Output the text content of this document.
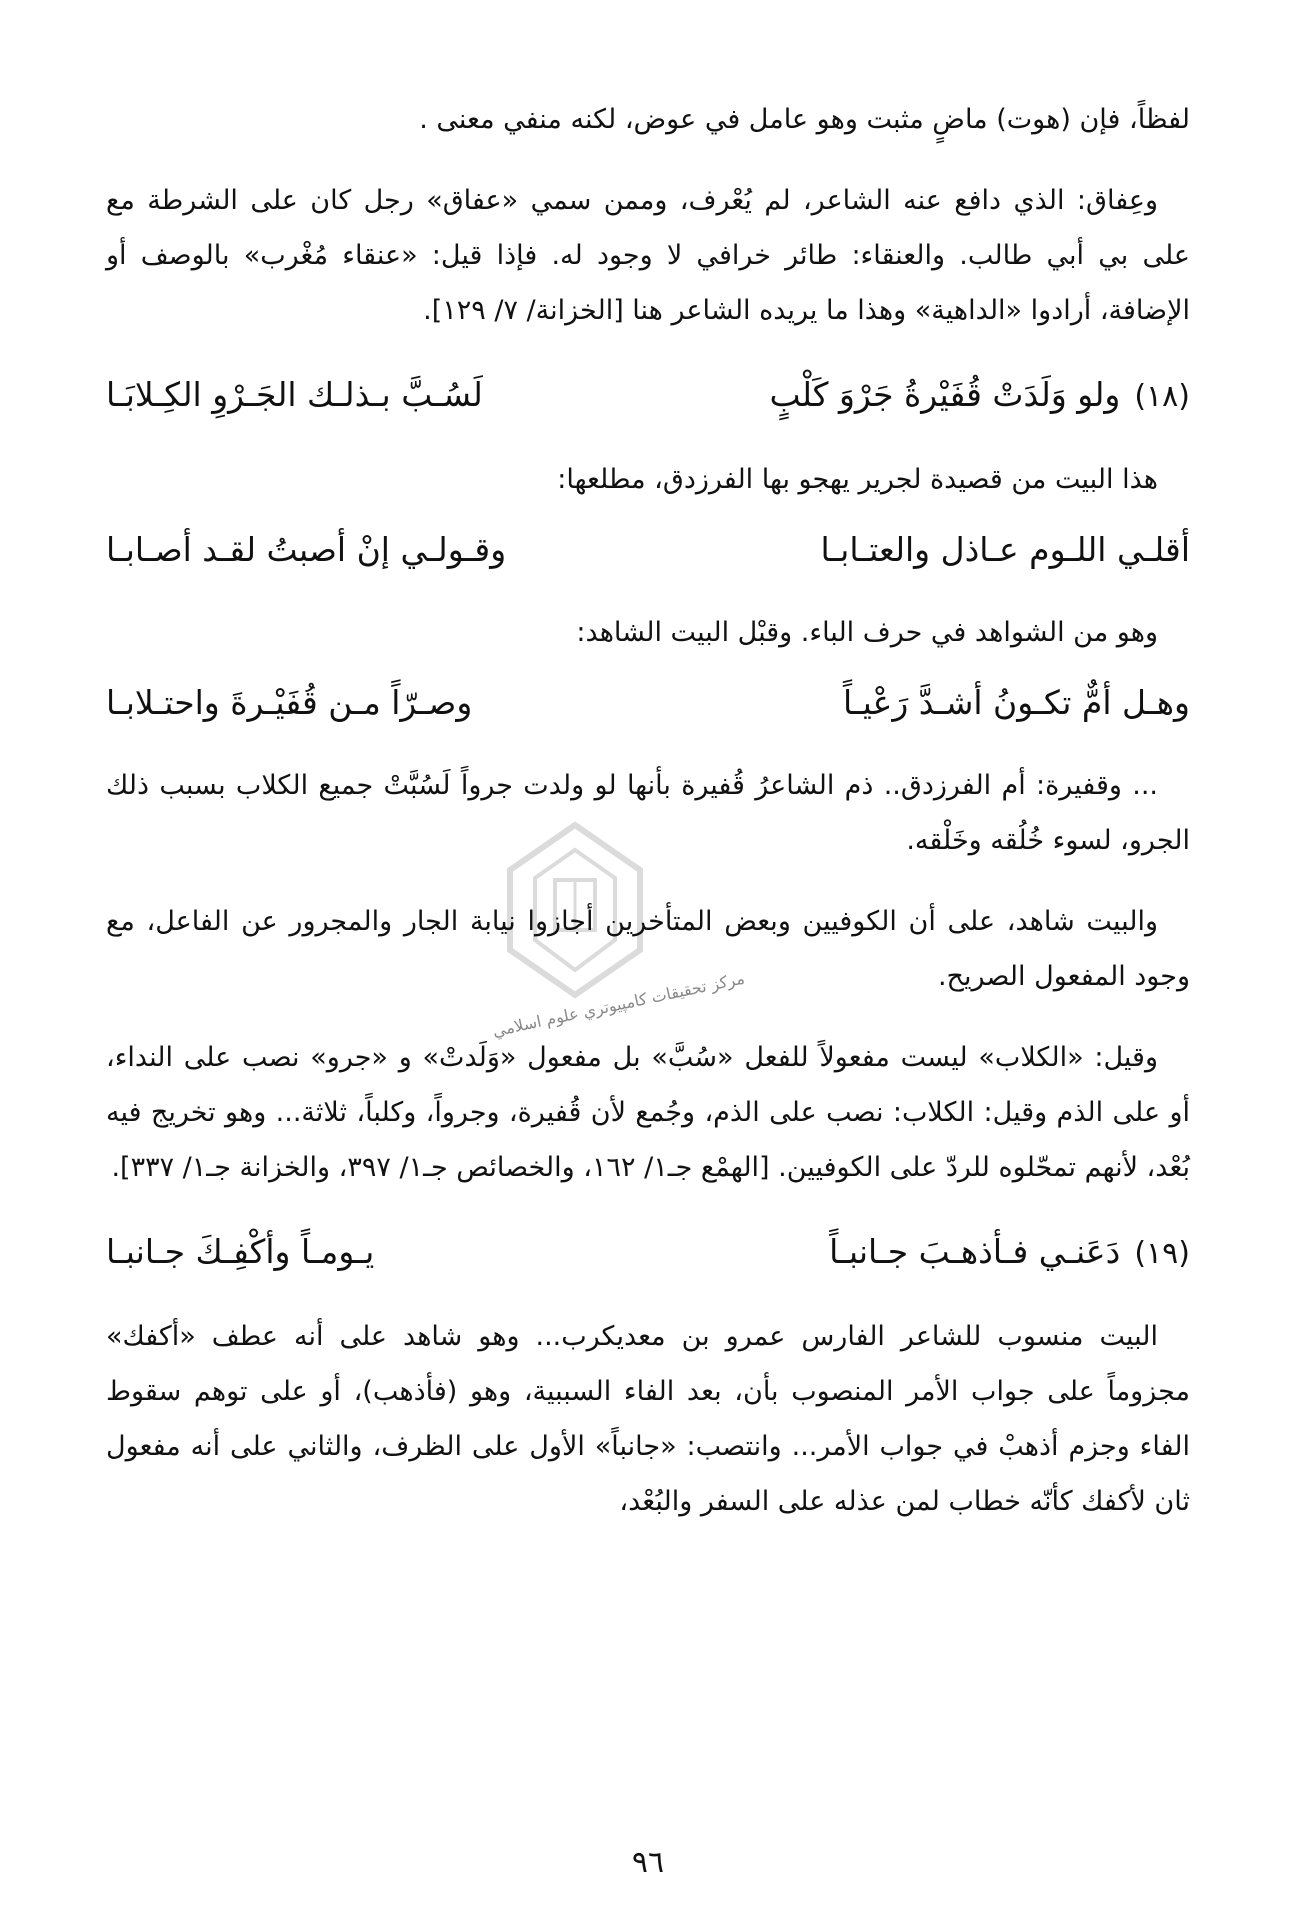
مركز تحقيقات كامپيوتري علوم اسلامي

لفظاً، فإن (هوت) ماضٍ مثبت وهو عامل في عوض، لكنه منفي معنى .

وعِفاق: الذي دافع عنه الشاعر، لم يُعْرف، وممن سمي «عفاق» رجل كان على الشرطة مع على بي أبي طالب. والعنقاء: طائر خرافي لا وجود له. فإذا قيل: «عنقاء مُغْرب» بالوصف أو الإضافة، أرادوا «الداهية» وهذا ما يريده الشاعر هنا [الخزانة/ ٧/ ١٢٩].

(١٨)ولو وَلَدَتْ قُفَيْرةُ جَرْوَ كَلْبٍ
لَسُـبَّ بـذلـك الجَـرْوِ الكِـلابَـا

هذا البيت من قصيدة لجرير يهجو بها الفرزدق، مطلعها:

أقلـي اللـوم عـاذل والعتـابـا
وقـولـي إنْ أصبتُ لقـد أصـابـا

وهو من الشواهد في حرف الباء. وقبْل البيت الشاهد:

وهـل أمٌّ تكـونُ أشـدَّ رَعْيـاً
وصـرّاً مـن قُفَيْـرةَ واحتـلابـا

... وقفيرة: أم الفرزدق.. ذم الشاعرُ قُفيرة بأنها لو ولدت جرواً لَسُبَّتْ جميع الكلاب بسبب ذلك الجرو، لسوء خُلُقه وخَلْقه.

والبيت شاهد، على أن الكوفيين وبعض المتأخرين أجازوا نيابة الجار والمجرور عن الفاعل، مع وجود المفعول الصريح.

وقيل: «الكلاب» ليست مفعولاً للفعل «سُبَّ» بل مفعول «وَلَدتْ» و «جرو» نصب على النداء، أو على الذم وقيل: الكلاب: نصب على الذم، وجُمع لأن قُفيرة، وجرواً، وكلباً، ثلاثة... وهو تخريج فيه بُعْد، لأنهم تمحّلوه للردّ على الكوفيين. [الهمْع جـ١/ ١٦٢، والخصائص جـ١/ ٣٩٧، والخزانة جـ١/ ٣٣٧].

(١٩)دَعَنـي فـأذهـبَ جـانبـاً
يـومـاً وأكْفِـكَ جـانبـا

البيت منسوب للشاعر الفارس عمرو بن معديكرب... وهو شاهد على أنه عطف «أكفك» مجزوماً على جواب الأمر المنصوب بأن، بعد الفاء السببية، وهو (فأذهب)، أو على توهم سقوط الفاء وجزم أذهبْ في جواب الأمر... وانتصب: «جانباً» الأول على الظرف، والثاني على أنه مفعول ثان لأكفك كأنّه خطاب لمن عذله على السفر والبُعْد،

٩٦
